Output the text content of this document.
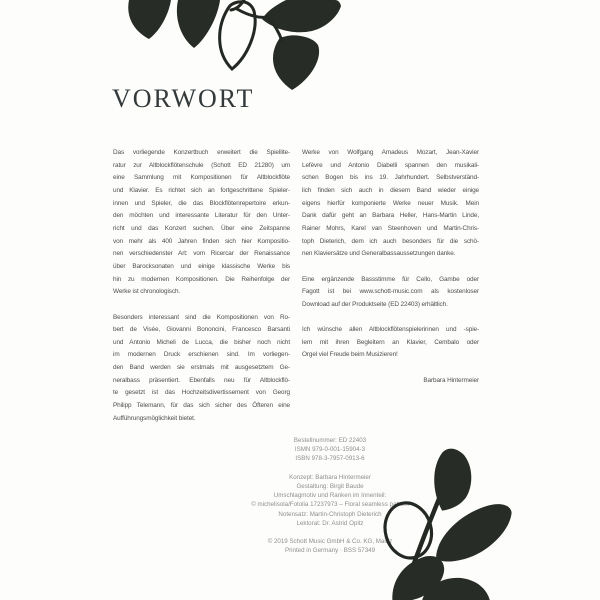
VORWORT
Das vorliegende Konzertbuch erweitert die Spiellite-
ratur zur Altblockflötenschule (Schott ED 21280) um
eine Sammlung mit Kompositionen für Altblockflöte
und Klavier. Es richtet sich an fortgeschrittene Spieler-
innen und Spieler, die das Blockflötenrepertoire erkun-
den möchten und interessante Literatur für den Unter-
richt und das Konzert suchen. Über eine Zeitspanne
von mehr als 400 Jahren finden sich hier Kompositio-
nen verschiedenster Art: vom Ricercar der Renaissance
über Barocksonaten und einige klassische Werke bis
hin zu modernen Kompositionen. Die Reihenfolge der
Werke ist chronologisch.
Besonders interessant sind die Kompositionen von Ro-
bert de Visée, Giovanni Bononcini, Francesco Barsanti
und Antonio Micheli de Lucca, die bisher noch nicht
im modernen Druck erschienen sind. Im vorliegen-
den Band werden sie erstmals mit ausgesetztem Ge-
neralbass präsentiert. Ebenfalls neu für Altblockflö-
te gesetzt ist das Hochzeitsdivertissement von Georg
Philipp Telemann, für das sich sicher des Öfteren eine
Aufführungsmöglichkeit bietet.
Werke von Wolfgang Amadeus Mozart, Jean-Xavier
Lefèvre und Antonio Diabelli spannen den musikali-
schen Bogen bis ins 19. Jahrhundert. Selbstverständ-
lich finden sich auch in diesem Band wieder einige
eigens hierfür komponierte Werke neuer Musik. Mein
Dank dafür geht an Barbara Heller, Hans-Martin Linde,
Rainer Mohrs, Karel van Steenhoven und Martin-Chris-
toph Dieterich, dem ich auch besonders für die schö-
nen Klaviersätze und Generalbassaussetzungen danke.
Eine ergänzende Bassstimme für Cello, Gambe oder
Fagott ist bei www.schott-music.com als kostenloser
Download auf der Produktseite (ED 22403) erhältlich.
Ich wünsche allen Altblockflötenspielerinnen und -spie-
lern mit ihren Begleitern an Klavier, Cembalo oder
Orgel viel Freude beim Musizieren!
Barbara Hintermeier
Bestellnummer: ED 22403
ISMN 979-0-001-15904-3
ISBN 978-3-7957-0913-6
Konzept: Barbara Hintermeier
Gestaltung: Birgit Baude
Umschlagmotiv und Ranken im Innenteil:
© michelisola/Fotolia 17237973 – Floral seamless pattern
Notensatz: Martin-Christoph Dieterich
Lektorat: Dr. Astrid Opitz
© 2019 Schott Music GmbH & Co. KG, Mainz
Printed in Germany · BSS 57349
